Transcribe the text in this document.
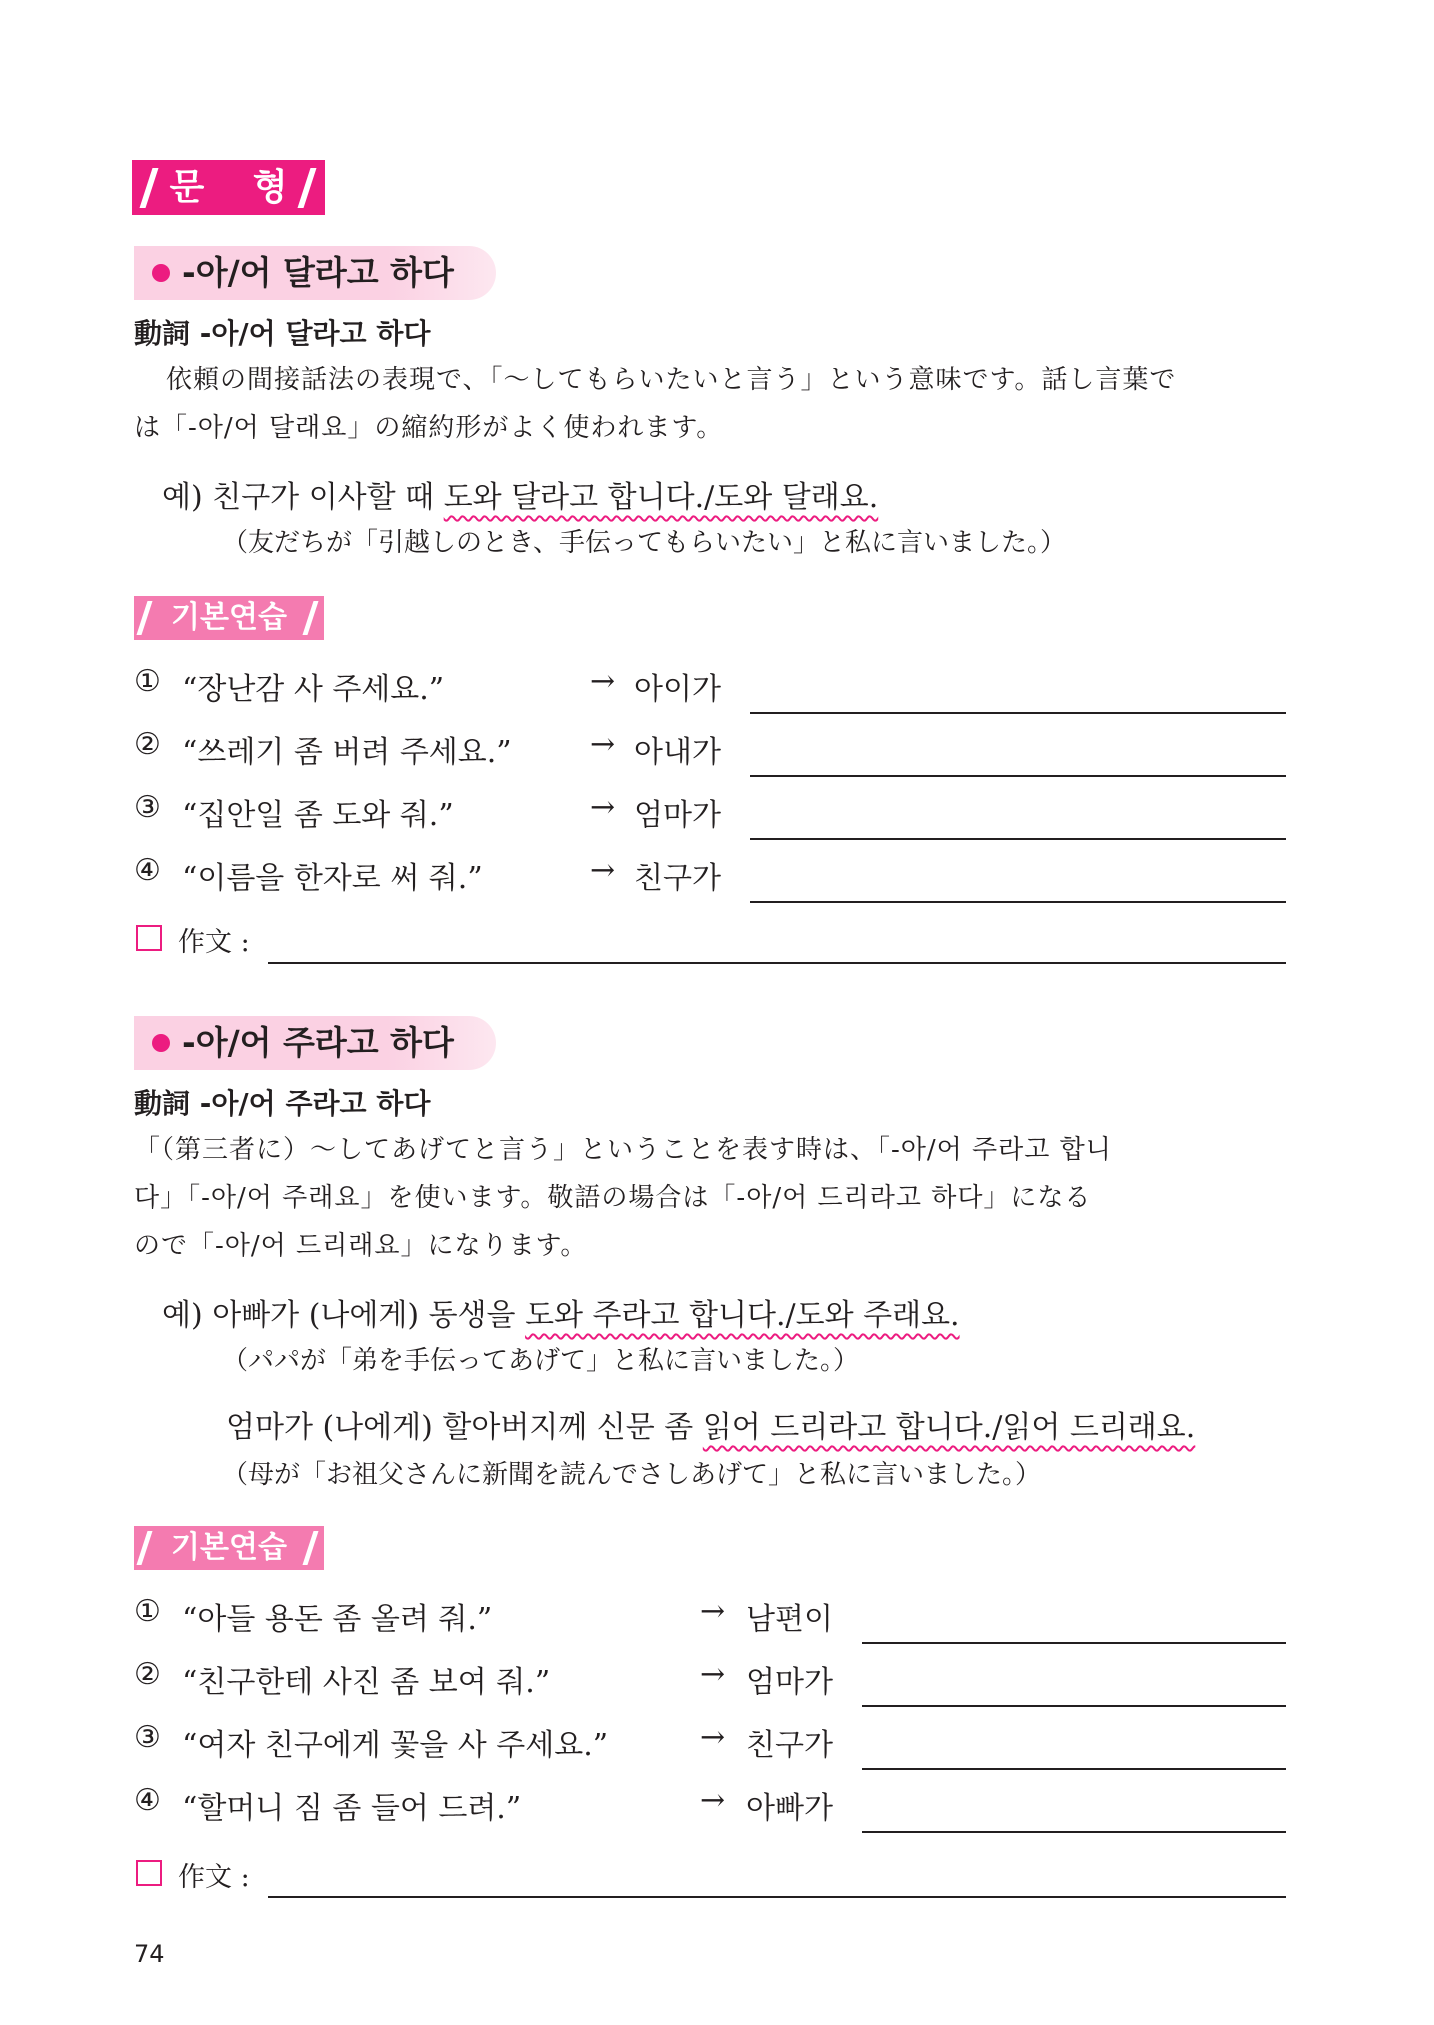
문 형
-아/어 달라고 하다
動詞 -아/어 달라고 하다
依頼の間接話法の表現で、「～してもらいたいと言う」という意味です。話し言葉で
は「-아/어 달래요」の縮約形がよく使われます。
예) 친구가 이사할 때 도와 달라고 합니다./도와 달래요.
（友だちが「引越しのとき、手伝ってもらいたい」と私に言いました。）
기본연습
① “장난감 사 주세요.”	→ 아이가
② “쓰레기 좀 버려 주세요.”	→ 아내가
③ “집안일 좀 도와 줘.”	→ 엄마가
④ “이름을 한자로 써 줘.”	→ 친구가
作文 :
-아/어 주라고 하다
動詞 -아/어 주라고 하다
「（第三者に）～してあげてと言う」ということを表す時は、「-아/어 주라고 합니
다」「-아/어 주래요」を使います。敬語の場合は「-아/어 드리라고 하다」になる
ので「-아/어 드리래요」になります。
예) 아빠가 (나에게) 동생을 도와 주라고 합니다./도와 주래요.
（パパが「弟を手伝ってあげて」と私に言いました。）
엄마가 (나에게) 할아버지께 신문 좀 읽어 드리라고 합니다./읽어 드리래요.
（母が「お祖父さんに新聞を読んでさしあげて」と私に言いました。）
기본연습
① “아들 용돈 좀 올려 줘.”	→ 남편이
② “친구한테 사진 좀 보여 줘.”	→ 엄마가
③ “여자 친구에게 꽃을 사 주세요.”	→ 친구가
④ “할머니 짐 좀 들어 드려.”	→ 아빠가
作文 :
74
